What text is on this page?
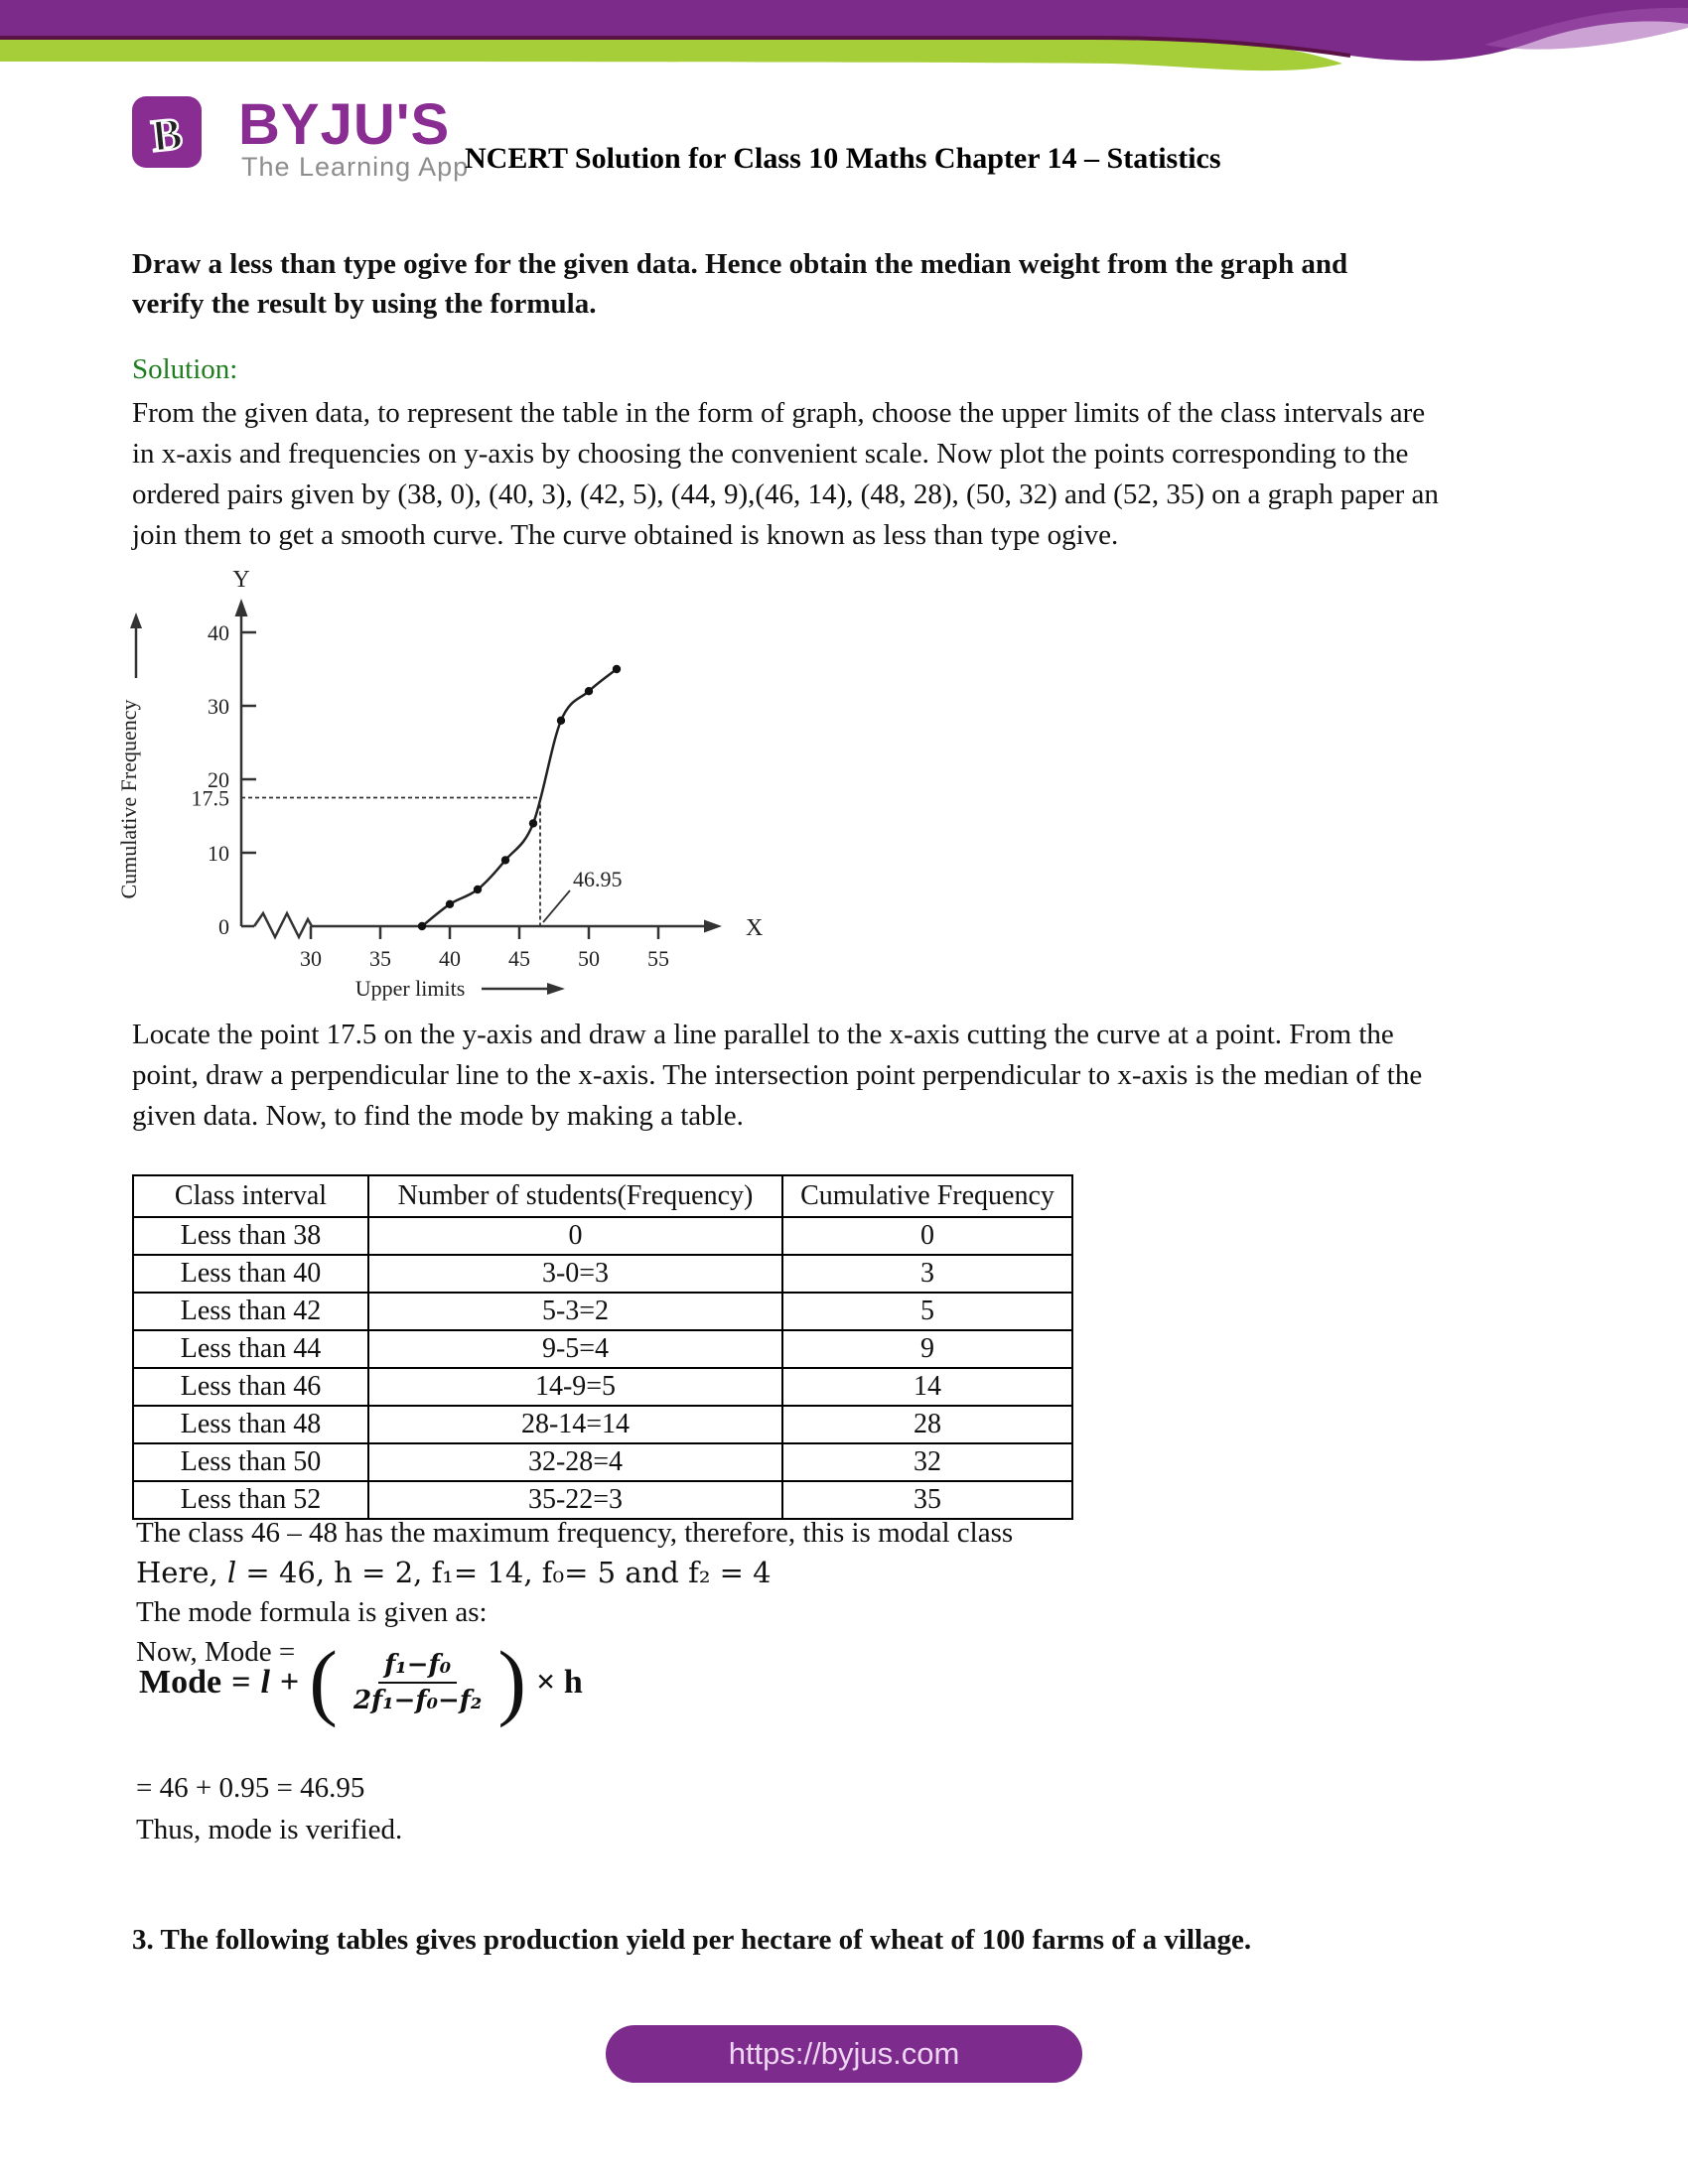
B BYJU'S
The Learning App
NCERT Solution for Class 10 Maths Chapter 14 – Statistics
Draw a less than type ogive for the given data. Hence obtain the median weight from the graph and
verify the result by using the formula.
Solution:
From the given data, to represent the table in the form of graph, choose the upper limits of the class intervals are
in x-axis and frequencies on y-axis by choosing the convenient scale. Now plot the points corresponding to the
ordered pairs given by (38, 0), (40, 3), (42, 5), (44, 9),(46, 14), (48, 28), (50, 32) and (52, 35) on a graph paper an
join them to get a smooth curve. The curve obtained is known as less than type ogive.
Y
X
Cumulative Frequency
30 35 40 45 50 55
40
30
20
17.5
10
0
46.95
Upper limits
Locate the point 17.5 on the y-axis and draw a line parallel to the x-axis cutting the curve at a point. From the
point, draw a perpendicular line to the x-axis. The intersection point perpendicular to x-axis is the median of the
given data. Now, to find the mode by making a table.
Class interval	Number of students(Frequency)	Cumulative Frequency
Less than 38	0	0
Less than 40	3-0=3	3
Less than 42	5-3=2	5
Less than 44	9-5=4	9
Less than 46	14-9=5	14
Less than 48	28-14=14	28
Less than 50	32-28=4	32
Less than 52	35-22=3	35
The class 46 – 48 has the maximum frequency, therefore, this is modal class
Here, l = 46, h = 2, f₁= 14, f₀= 5 and f₂ = 4
The mode formula is given as:
Now, Mode =
Mode = l + ( $\frac{\text{f₁−f₀}}{\text{2f₁−f₀−f₂}}$ ) × h
= 46 + 0.95 = 46.95
Thus, mode is verified.
3. The following tables gives production yield per hectare of wheat of 100 farms of a village.
https://byjus.com
